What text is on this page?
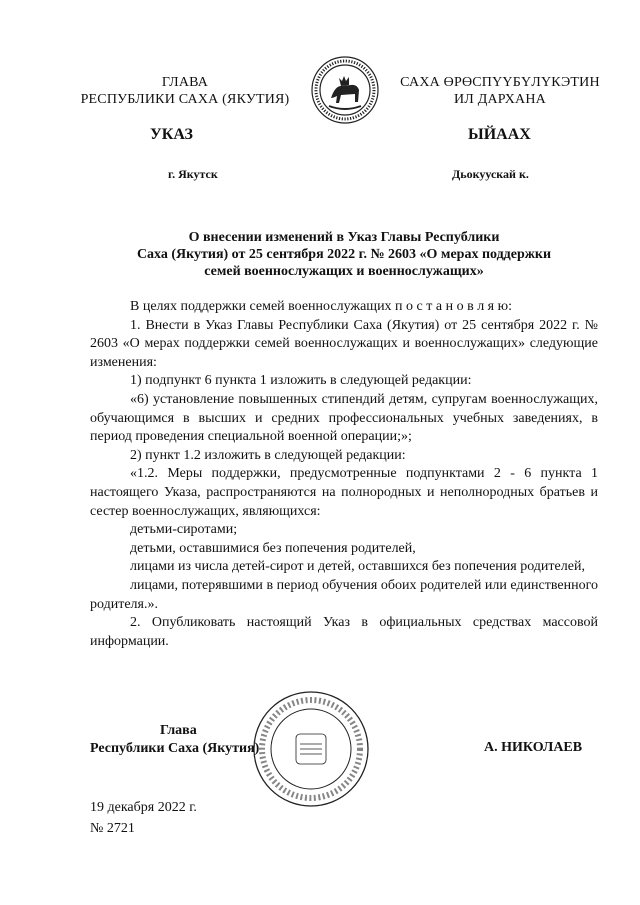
ГЛАВА
РЕСПУБЛИКИ САХА (ЯКУТИЯ)
САХА ӨРӨСПҮҮБҮЛҮКЭТИН
ИЛ ДАРХАНА
УКАЗ	ЫЙААХ
г. Якутск	Дьокуускай к.
О внесении изменений в Указ Главы Республики
Саха (Якутия) от 25 сентября 2022 г. № 2603 «О мерах поддержки
семей военнослужащих и военнослужащих»

В целях поддержки семей военнослужащих п о с т а н о в л я ю:

1. Внести в Указ Главы Республики Саха (Якутия) от 25 сентября 2022 г. № 2603 «О мерах поддержки семей военнослужащих и военнослужащих» следующие изменения:

1) подпункт 6 пункта 1 изложить в следующей редакции:

«6) установление повышенных стипендий детям, супругам военнослужащих, обучающимся в высших и средних профессиональных учебных заведениях, в период проведения специальной военной операции;»;

2) пункт 1.2 изложить в следующей редакции:

«1.2. Меры поддержки, предусмотренные подпунктами 2 - 6 пункта 1 настоящего Указа, распространяются на полнородных и неполнородных братьев и сестер военнослужащих, являющихся:

детьми-сиротами;

детьми, оставшимися без попечения родителей,

лицами из числа детей-сирот и детей, оставшихся без попечения родителей,

лицами, потерявшими в период обучения обоих родителей или единственного родителя.».

2. Опубликовать настоящий Указ в официальных средствах массовой информации.

Глава
Республики Саха (Якутия)	А. НИКОЛАЕВ
19 декабря 2022 г.
№ 2721
